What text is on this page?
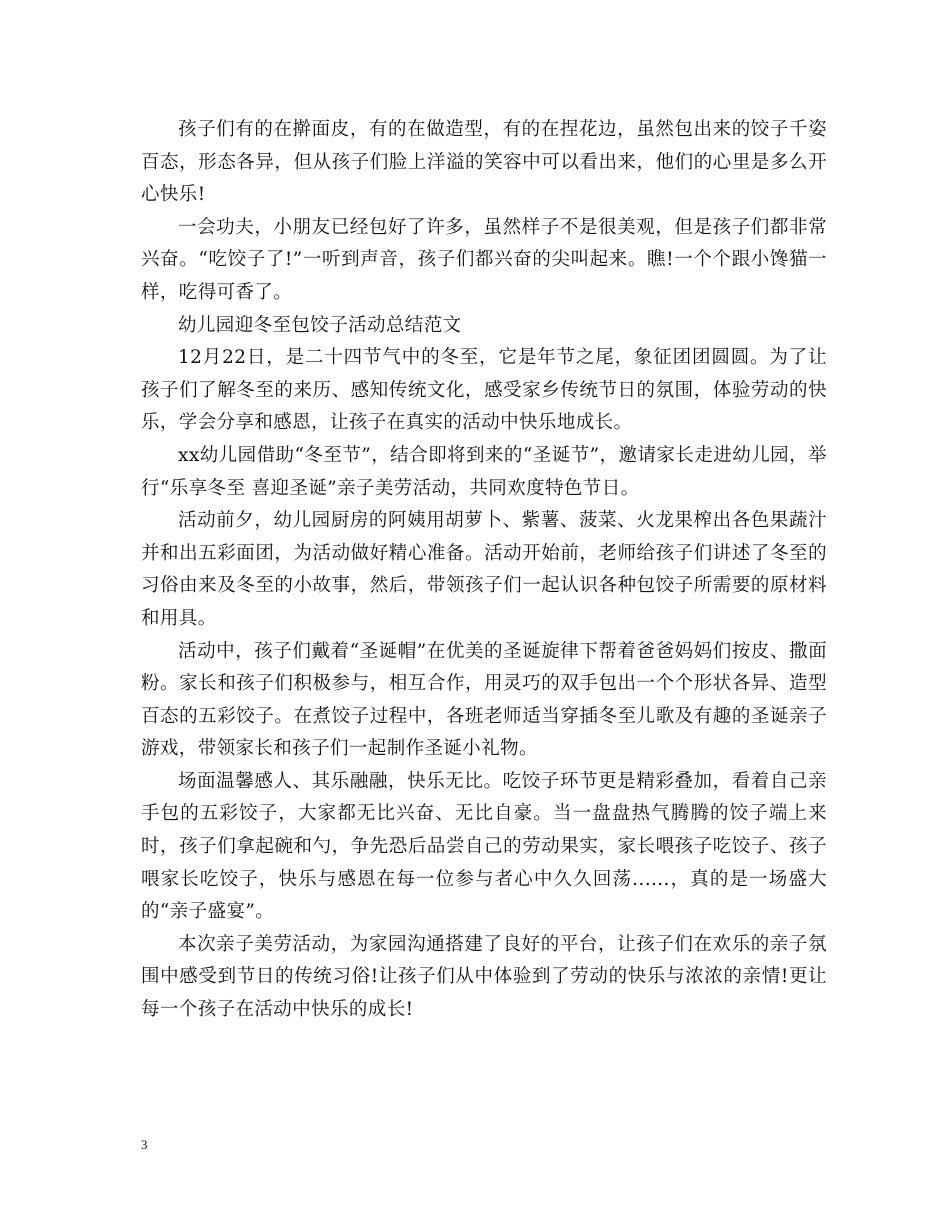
孩子们有的在擀面皮，有的在做造型，有的在捏花边，虽然包出来的饺子千姿百态，形态各异，但从孩子们脸上洋溢的笑容中可以看出来，他们的心里是多么开心快乐!

一会功夫，小朋友已经包好了许多，虽然样子不是很美观，但是孩子们都非常兴奋。“吃饺子了!”一听到声音，孩子们都兴奋的尖叫起来。瞧!一个个跟小馋猫一样，吃得可香了。

幼儿园迎冬至包饺子活动总结范文

12月22日，是二十四节气中的冬至，它是年节之尾，象征团团圆圆。为了让孩子们了解冬至的来历、感知传统文化，感受家乡传统节日的氛围，体验劳动的快乐，学会分享和感恩，让孩子在真实的活动中快乐地成长。

xx幼儿园借助“冬至节”，结合即将到来的“圣诞节”，邀请家长走进幼儿园，举行“乐享冬至 喜迎圣诞”亲子美劳活动，共同欢度特色节日。

活动前夕，幼儿园厨房的阿姨用胡萝卜、紫薯、菠菜、火龙果榨出各色果蔬汁并和出五彩面团，为活动做好精心准备。活动开始前，老师给孩子们讲述了冬至的习俗由来及冬至的小故事，然后，带领孩子们一起认识各种包饺子所需要的原材料和用具。

活动中，孩子们戴着“圣诞帽”在优美的圣诞旋律下帮着爸爸妈妈们按皮、撒面粉。家长和孩子们积极参与，相互合作，用灵巧的双手包出一个个形状各异、造型百态的五彩饺子。在煮饺子过程中，各班老师适当穿插冬至儿歌及有趣的圣诞亲子游戏，带领家长和孩子们一起制作圣诞小礼物。

场面温馨感人、其乐融融，快乐无比。吃饺子环节更是精彩叠加，看着自己亲手包的五彩饺子，大家都无比兴奋、无比自豪。当一盘盘热气腾腾的饺子端上来时，孩子们拿起碗和勺，争先恐后品尝自己的劳动果实，家长喂孩子吃饺子、孩子喂家长吃饺子，快乐与感恩在每一位参与者心中久久回荡......，真的是一场盛大的“亲子盛宴”。

本次亲子美劳活动，为家园沟通搭建了良好的平台，让孩子们在欢乐的亲子氛围中感受到节日的传统习俗!让孩子们从中体验到了劳动的快乐与浓浓的亲情!更让每一个孩子在活动中快乐的成长!

3
